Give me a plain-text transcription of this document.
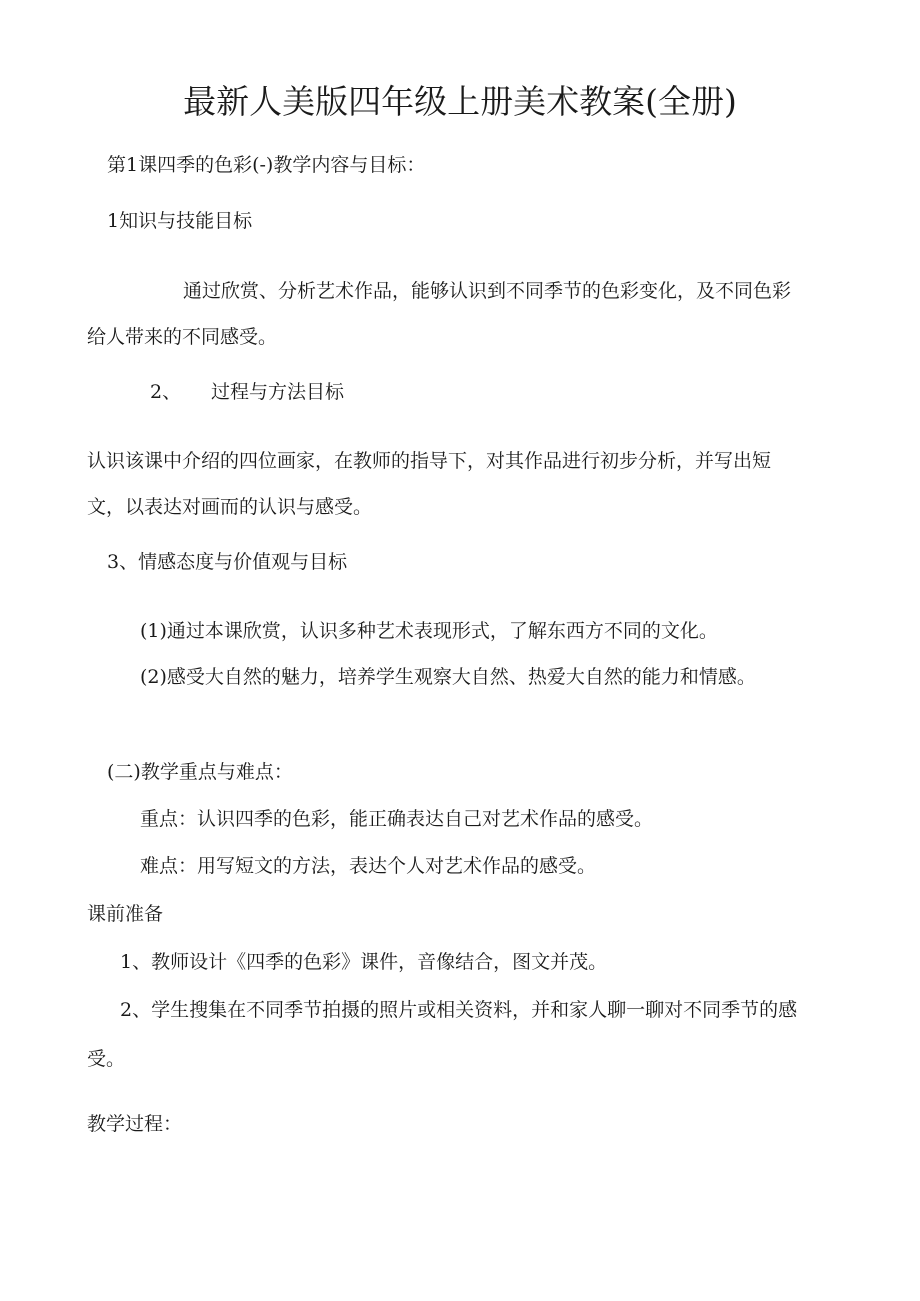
最新人美版四年级上册美术教案(全册)
第1课四季的色彩(-)教学内容与目标：
1知识与技能目标
通过欣赏、分析艺术作品，能够认识到不同季节的色彩变化，及不同色彩
给人带来的不同感受。
2、 过程与方法目标
认识该课中介绍的四位画家，在教师的指导下，对其作品进行初步分析，并写出短
文，以表达对画而的认识与感受。
3、情感态度与价值观与目标
(1)通过本课欣赏，认识多种艺术表现形式，了解东西方不同的文化。
(2)感受大自然的魅力，培养学生观察大自然、热爱大自然的能力和情感。
(二)教学重点与难点：
重点：认识四季的色彩，能正确表达自己对艺术作品的感受。
难点：用写短文的方法，表达个人对艺术作品的感受。
课前准备
1、教师设计《四季的色彩》课件，音像结合，图文并茂。
2、学生搜集在不同季节拍摄的照片或相关资料，并和家人聊一聊对不同季节的感
受。
教学过程：
